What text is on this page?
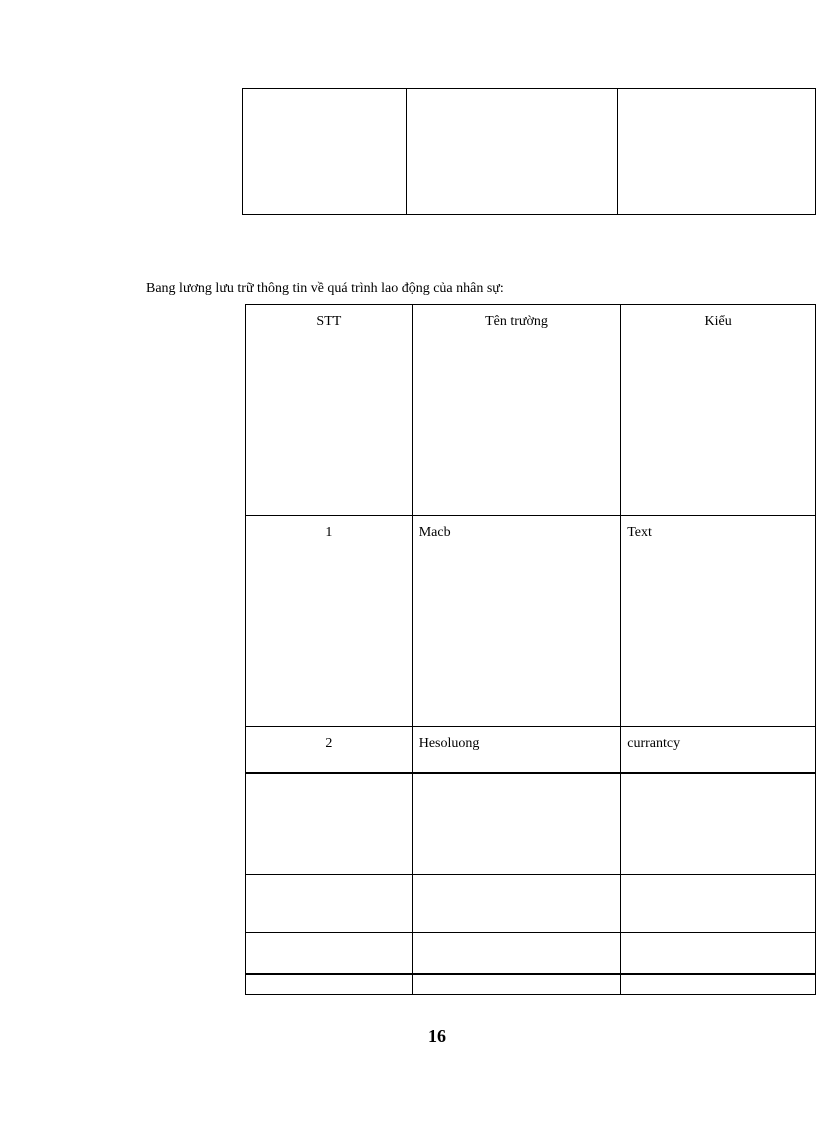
Bang lương lưu trữ thông tin về quá trình lao động của nhân sự:
STT	Tên trường	Kiểu

1	Macb	Text

2	Hesoluong	currantcy

16
